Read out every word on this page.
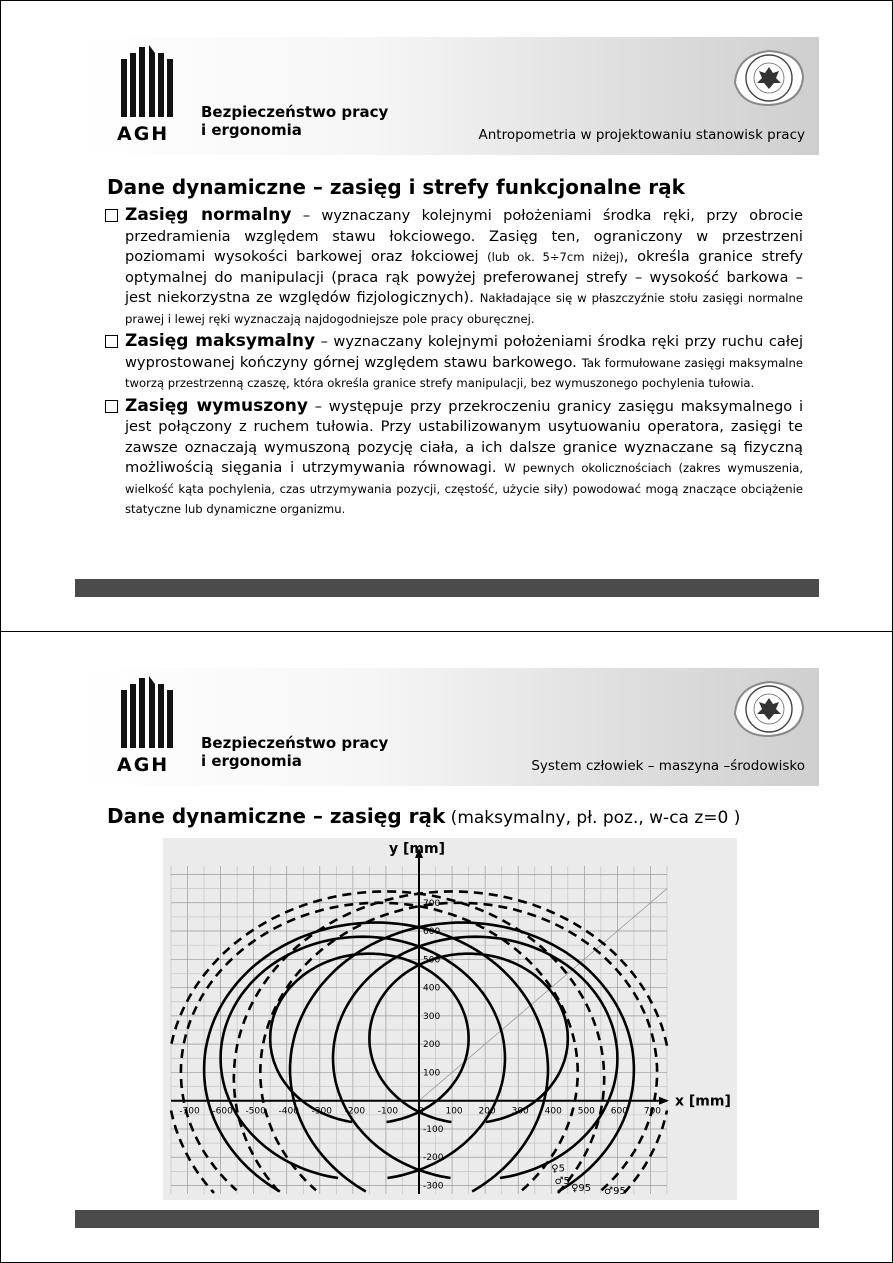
AGH
Bezpieczeństwo pracy
i ergonomia	Antropometria w projektowaniu stanowisk pracy
Dane dynamiczne – zasięg i strefy funkcjonalne rąk
Zasięg normalny – wyznaczany kolejnymi położeniami środka ręki, przy obrocie przedramienia względem stawu łokciowego. Zasięg ten, ograniczony w przestrzeni poziomami wysokości barkowej oraz łokciowej (lub ok. 5÷7cm niżej), określa granice strefy optymalnej do manipulacji (praca rąk powyżej preferowanej strefy – wysokość barkowa – jest niekorzystna ze względów fizjologicznych). Nakładające się w płaszczyźnie stołu zasięgi normalne prawej i lewej ręki wyznaczają najdogodniejsze pole pracy oburęcznej.
Zasięg maksymalny – wyznaczany kolejnymi położeniami środka ręki przy ruchu całej wyprostowanej kończyny górnej względem stawu barkowego. Tak formułowane zasięgi maksymalne tworzą przestrzenną czaszę, która określa granice strefy manipulacji, bez wymuszonego pochylenia tułowia.
Zasięg wymuszony – występuje przy przekroczeniu granicy zasięgu maksymalnego i jest połączony z ruchem tułowia. Przy ustabilizowanym usytuowaniu operatora, zasięgi te zawsze oznaczają wymuszoną pozycję ciała, a ich dalsze granice wyznaczane są fizyczną możliwością sięgania i utrzymywania równowagi. W pewnych okolicznościach (zakres wymuszenia, wielkość kąta pochylenia, czas utrzymywania pozycji, częstość, użycie siły) powodować mogą znaczące obciążenie statyczne lub dynamiczne organizmu.
AGH
Bezpieczeństwo pracy
i ergonomia	System człowiek – maszyna –środowisko
Dane dynamiczne – zasięg rąk (maksymalny, pł. poz., w-ca z=0 )
-700 -600 -500 -400 -300 -200 -100 0 100 200 300 400 500 600 700
700
600
500
400
300
200
100
-100
-200
-300
x [mm]
y [mm]
♀5
♂5
♀95 ♂95
